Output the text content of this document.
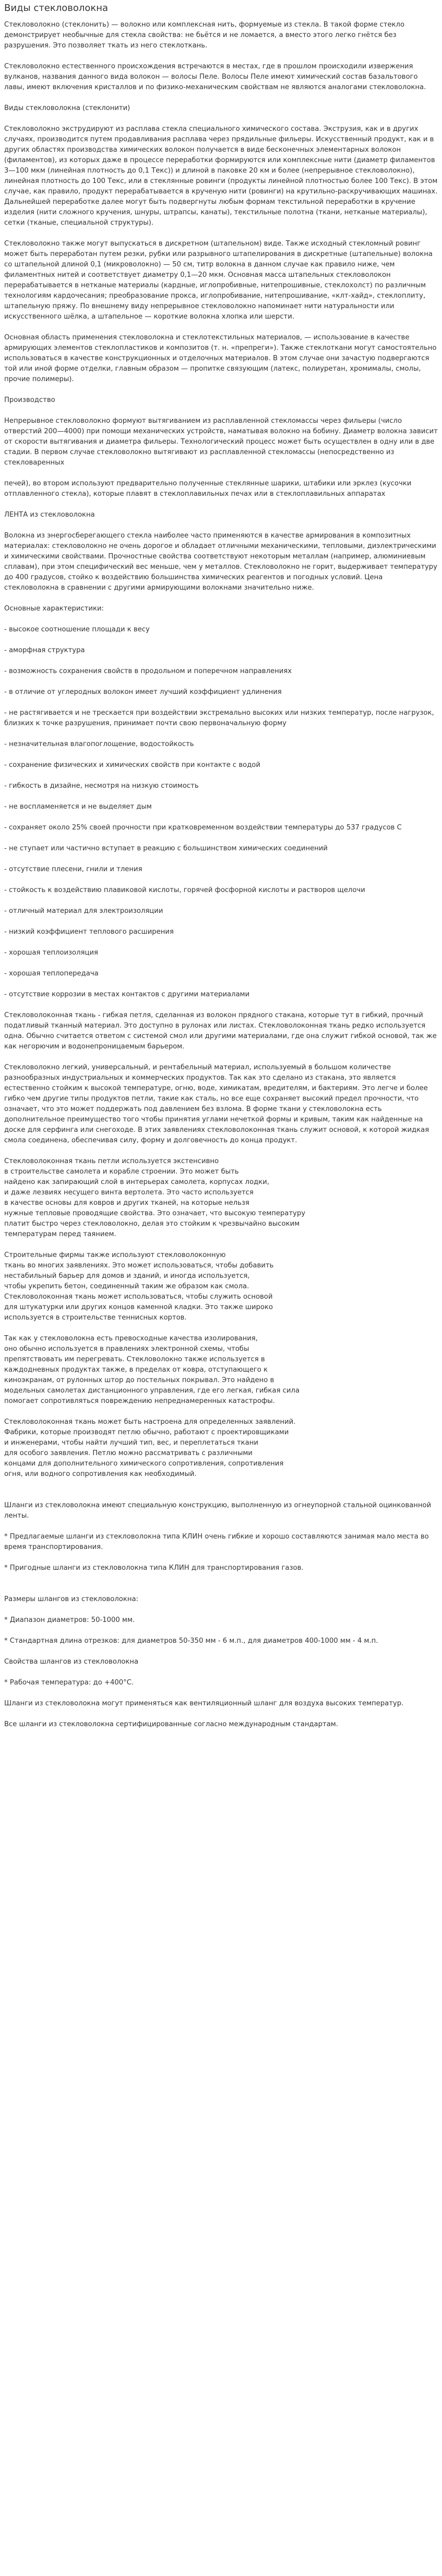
Виды стекловолокна

Стекловолокно (стеклонить) — волокно или комплексная нить, формуемые из стекла. В такой форме стекло демонстрирует необычные для стекла свойства: не бьётся и не ломается, а вместо этого легко гнётся без разрушения. Это позволяет ткать из него стеклоткань.

Стекловолокно естественного происхождения встречаются в местах, где в прошлом происходили извержения вулканов, названия данного вида волокон — волосы Пеле. Волосы Пеле имеют химический состав базальтового лавы, имеют включения кристаллов и по физико-механическим свойствам не являются аналогами стекловолокна.

Виды стекловолокна (стеклонити)

Стекловолокно экструдируют из расплава стекла специального химического состава. Экструзия, как и в других случаях, производится путем продавливания расплава через прядильные фильеры. Искусственный продукт, как и в других областях производства химических волокон получается в виде бесконечных элементарных волокон (филаментов), из которых даже в процессе переработки формируются или комплексные нити (диаметр филаментов 3—100 мкм (линейная плотность до 0,1 Текс)) и длиной в паковке 20 км и более (непрерывное стекловолокно), линейная плотность до 100 Текс, или в стеклянные ровинги (продукты линейной плотностью более 100 Текс). В этом случае, как правило, продукт перерабатывается в крученую нити (ровинги) на крутильно-раскручивающих машинах. Дальнейшей переработке далее могут быть подвергнуты любым формам текстильной переработки в кручение изделия (нити сложного кручения, шнуры, штрапсы, канаты), текстильные полотна (ткани, нетканые материалы), сетки (тканые, специальной структуры).

Стекловолокно также могут выпускаться в дискретном (штапельном) виде. Также исходный стекломный ровинг может быть переработан путем резки, рубки или разрывного штапелирования в дискретные (штапельные) волокна со штапельной длиной 0,1 (микроволокно) — 50 см, титр волокна в данном случае как правило ниже, чем филаментных нитей и соответствует диаметру 0,1—20 мкм. Основная масса штапельных стекловолокон перерабатывается в нетканые материалы (кардные, иглопробивные, нитепрошивные, стеклохолст) по различным технологиям кардочесания; преобразование прокса, иглопробивание, нитепрошивание, «клт-хайд», стеклоплиту, штапельную пряжу. По внешнему виду непрерывное стекловолокно напоминает нити натуральности или искусственного шёлка, а штапельное — короткие волокна хлопка или шерсти.

Основная область применения стекловолокна и стеклотекстильных материалов, — использование в качестве армирующих элементов стеклопластиков и композитов (т. н. «препреги»). Также стеклоткани могут самостоятельно использоваться в качестве конструкционных и отделочных материалов. В этом случае они зачастую подвергаются той или иной форме отделки, главным образом — пропитке связующим (латекс, полиуретан, хромималы, смолы, прочие полимеры).

Производство

Непрерывное стекловолокно формуют вытягиванием из расплавленной стекломассы через фильеры (число отверстий 200—4000) при помощи механических устройств, наматывая волокно на бобину. Диаметр волокна зависит от скорости вытягивания и диаметра фильеры. Технологический процесс может быть осуществлен в одну или в две стадии. В первом случае стекловолокно вытягивают из расплавленной стекломассы (непосредственно из стекловаренных

печей), во втором используют предварительно полученные стеклянные шарики, штабики или эрклез (кусочки отплавленного стекла), которые плавят в стеклоплавильных печах или в стеклоплавильных аппаратах

ЛЕНТА из стекловолокна

Волокна из энергосберегающего стекла наиболее часто применяются в качестве армирования в композитных материалах: стекловолокно не очень дорогое и обладает отличными механическими, тепловыми, диэлектрическими и химическими свойствами. Прочностные свойства соответствуют некоторым металлам (например, алюминиевым сплавам), при этом специфический вес меньше, чем у металлов. Стекловолокно не горит, выдерживает температуру до 400 градусов, стойко к воздействию большинства химических реагентов и погодных условий. Цена стекловолокна в сравнении с другими армирующими волокнами значительно ниже.

Основные характеристики:

- высокое соотношение площади к весу

- аморфная структура

- возможность сохранения свойств в продольном и поперечном направлениях

- в отличие от углеродных волокон имеет лучший коэффициент удлинения

- не растягивается и не трескается при воздействии экстремально высоких или низких температур, после нагрузок, близких к точке разрушения, принимает почти свою первоначальную форму

- незначительная влагопоглощение, водостойкость

- сохранение физических и химических свойств при контакте с водой

- гибкость в дизайне, несмотря на низкую стоимость

- не воспламеняется и не выделяет дым

- сохраняет около 25% своей прочности при кратковременном воздействии температуры до 537 градусов С

- не ступает или частично вступает в реакцию с большинством химических соединений

- отсутствие плесени, гнили и тления

- стойкость к воздействию плавиковой кислоты, горячей фосфорной кислоты и растворов щелочи

- отличный материал для электроизоляции

- низкий коэффициент теплового расширения

- хорошая теплоизоляция

- хорошая теплопередача

- отсутствие коррозии в местах контактов с другими материалами

Стекловолоконная ткань - гибкая петля, сделанная из волокон прядного стакана, которые тут в гибкий, прочный податливый тканный материал. Это доступно в рулонах или листах. Стекловолоконная ткань редко используется одна. Обычно считается ответом с системой смол или другими материалами, где она служит гибкой основой, так же как негорючим и водонепроницаемым барьером.

Стекловолокно легкий, универсальный, и рентабельный материал, используемый в большом количестве разнообразных индустриальных и коммерческих продуктов. Так как это сделано из стакана, это является естественно стойким к высокой температуре, огню, воде, химикатам, вредителям, и бактериям. Это легче и более гибко чем другие типы продуктов петли, такие как сталь, но все еще сохраняет высокий предел прочности, что означает, что это может поддержать под давлением без взлома. В форме ткани у стекловолокна есть дополнительное преимущество того чтобы принятия углами нечеткой формы и кривым, таким как найденные на доске для серфинга или снегоходе. В этих заявлениях стекловолоконная ткань служит основой, к которой жидкая смола соединена, обеспечивая силу, форму и долговечность до конца продукт.

Стекловолоконная ткань петли используется экстенсивно
в строительстве самолета и корабле строении. Это может быть
найдено как запирающий слой в интерьерах самолета, корпусах лодки,
и даже лезвиях несущего винта вертолета. Это часто используется
в качестве основы для ковров и других тканей, на которые нельзя
нужные тепловые проводящие свойства. Это означает, что высокую температуру
платит быстро через стекловолокно, делая это стойким к чрезвычайно высоким
температурам перед таянием.

Строительные фирмы также используют стекловолоконную
ткань во многих заявлениях. Это может использоваться, чтобы добавить
нестабильный барьер для домов и зданий, и иногда используется,
чтобы укрепить бетон, соединенный таким же образом как смола.
Стекловолоконная ткань может использоваться, чтобы служить основой
для штукатурки или других концов каменной кладки. Это также широко
используется в строительстве теннисных кортов.

Так как у стекловолокна есть превосходные качества изолирования,
оно обычно используется в правлениях электронной схемы, чтобы
препятствовать им перегревать. Стекловолокно также используется в
каждодневных продуктах также, в пределах от ковра, отступающего к
киноэкранам, от рулонных штор до постельных покрывал. Это найдено в
модельных самолетах дистанционного управления, где его легкая, гибкая сила
помогает сопротивляться повреждению непреднамеренных катастрофы.

Стекловолоконная ткань может быть настроена для определенных заявлений.
Фабрики, которые производят петлю обычно, работают с проектировщиками
и инженерами, чтобы найти лучший тип, вес, и переплетаться ткани
для особого заявления. Петлю можно рассматривать с различными
концами для дополнительного химического сопротивления, сопротивления
огня, или водного сопротивления как необходимый.

Шланги из стекловолокна имеют специальную конструкцию, выполненную из огнеупорной стальной оцинкованной ленты.

* Предлагаемые шланги из стекловолокна типа КЛИН очень гибкие и хорошо составляются занимая мало места во время транспортирования.

* Пригодные шланги из стекловолокна типа КЛИН для транспортирования газов.

Размеры шлангов из стекловолокна:

* Диапазон диаметров: 50-1000 мм.

* Стандартная длина отрезков: для диаметров 50-350 мм - 6 м.п., для диаметров 400-1000 мм - 4 м.п.

Свойства шлангов из стекловолокна

* Рабочая температура: до +400°С.

Шланги из стекловолокна могут применяться как вентиляционный шланг для воздуха высоких температур.

Все шланги из стекловолокна сертифицированные согласно международным стандартам.
